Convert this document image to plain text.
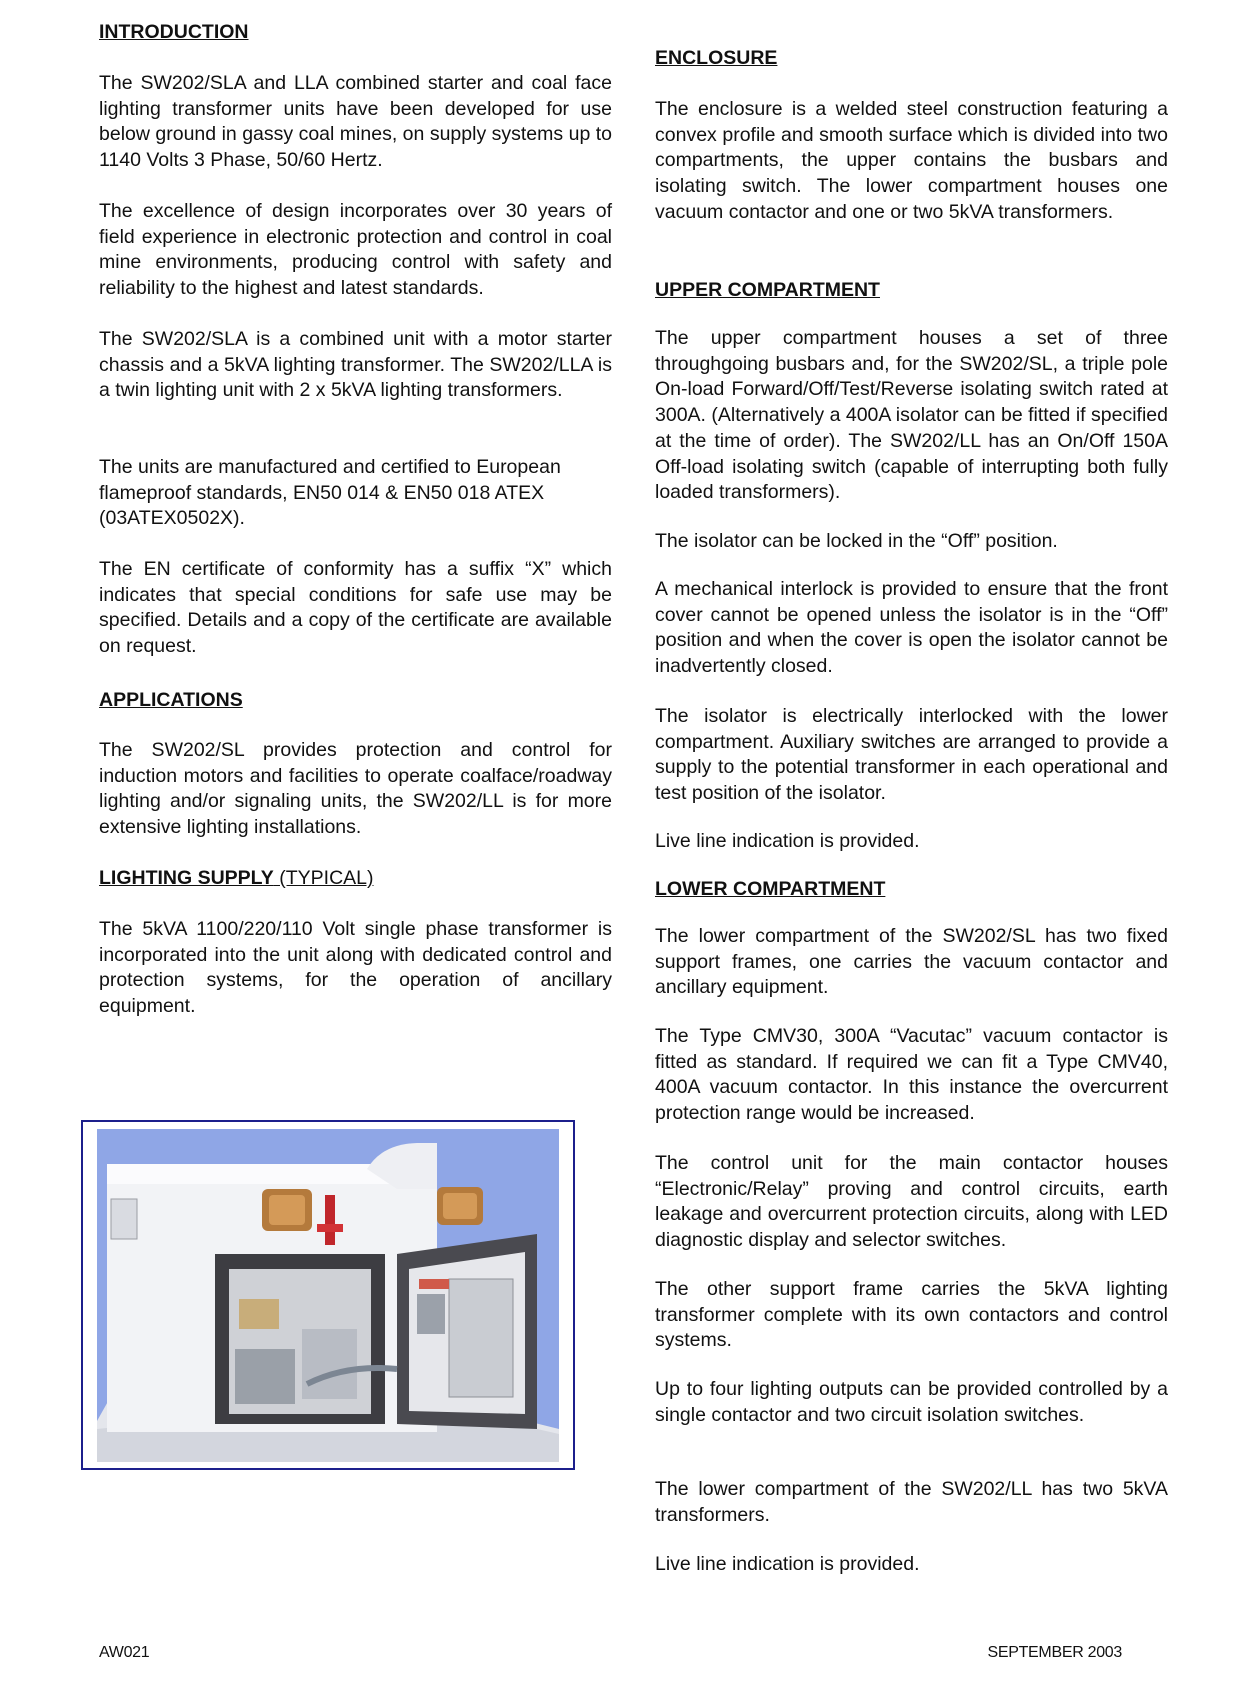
INTRODUCTION

The SW202/SLA and LLA combined starter and coal face lighting transformer units have been developed for use below ground in gassy coal mines, on supply systems up to 1140 Volts 3 Phase, 50/60 Hertz.

The excellence of design incorporates over 30 years of field experience in electronic protection and control in coal mine environments, producing control with safety and reliability to the highest and latest standards.

The SW202/SLA is a combined unit with a motor starter chassis and a 5kVA lighting transformer. The SW202/LLA is a twin lighting unit with 2 x 5kVA lighting transformers.

The units are manufactured and certified to European flameproof standards, EN50 014 & EN50 018 ATEX (03ATEX0502X).

The EN certificate of conformity has a suffix “X” which indicates that special conditions for safe use may be specified. Details and a copy of the certificate are available on request.

APPLICATIONS

The SW202/SL provides protection and control for induction motors and facilities to operate coalface/roadway lighting and/or signaling units, the SW202/LL is for more extensive lighting installations.

LIGHTING SUPPLY (TYPICAL)

The 5kVA 1100/220/110 Volt single phase transformer is incorporated into the unit along with dedicated control and protection systems, for the operation of ancillary equipment.

ENCLOSURE

The enclosure is a welded steel construction featuring a convex profile and smooth surface which is divided into two compartments, the upper contains the busbars and isolating switch. The lower compartment houses one vacuum contactor and one or two 5kVA transformers.

UPPER COMPARTMENT

The upper compartment houses a set of three throughgoing busbars and, for the SW202/SL, a triple pole On-load Forward/Off/Test/Reverse isolating switch rated at 300A. (Alternatively a 400A isolator can be fitted if specified at the time of order). The SW202/LL has an On/Off 150A Off-load isolating switch (capable of interrupting both fully loaded transformers).

The isolator can be locked in the “Off” position.

A mechanical interlock is provided to ensure that the front cover cannot be opened unless the isolator is in the “Off” position and when the cover is open the isolator cannot be inadvertently closed.

The isolator is electrically interlocked with the lower compartment. Auxiliary switches are arranged to provide a supply to the potential transformer in each operational and test position of the isolator.

Live line indication is provided.

LOWER COMPARTMENT

The lower compartment of the SW202/SL has two fixed support frames, one carries the vacuum contactor and ancillary equipment.

The Type CMV30, 300A “Vacutac” vacuum contactor is fitted as standard. If required we can fit a Type CMV40, 400A vacuum contactor. In this instance the overcurrent protection range would be increased.

The control unit for the main contactor houses “Electronic/Relay” proving and control circuits, earth leakage and overcurrent protection circuits, along with LED diagnostic display and selector switches.

The other support frame carries the 5kVA lighting transformer complete with its own contactors and control systems.

Up to four lighting outputs can be provided controlled by a single contactor and two circuit isolation switches.

The lower compartment of the SW202/LL has two 5kVA transformers.

Live line indication is provided.

AW021	SEPTEMBER 2003
